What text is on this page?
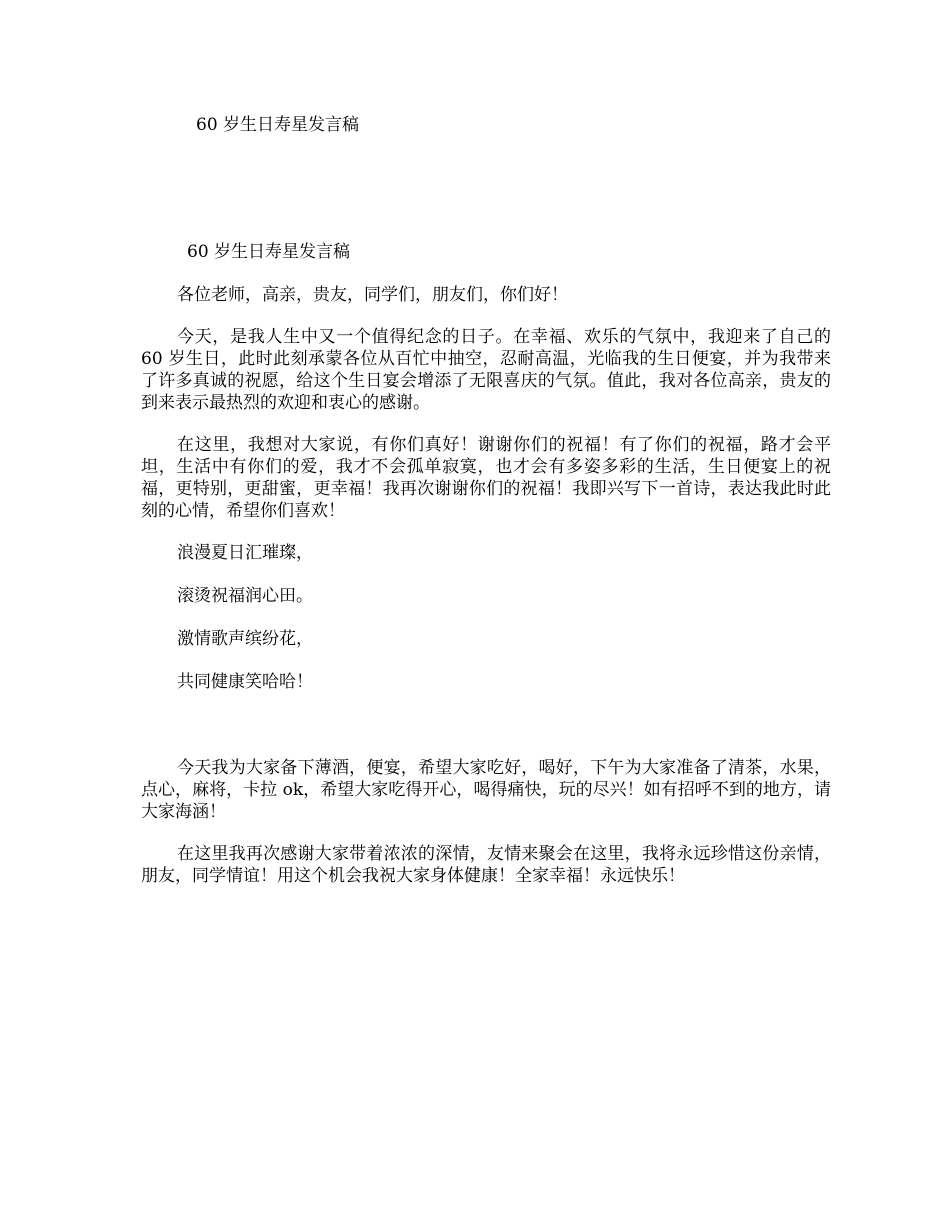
60 岁生日寿星发言稿
60 岁生日寿星发言稿

各位老师，高亲，贵友，同学们，朋友们，你们好！

今天，是我人生中又一个值得纪念的日子。在幸福、欢乐的气氛中，我迎来了自己的 60 岁生日，此时此刻承蒙各位从百忙中抽空，忍耐高温，光临我的生日便宴，并为我带来了许多真诚的祝愿，给这个生日宴会增添了无限喜庆的气氛。值此，我对各位高亲，贵友的到来表示最热烈的欢迎和衷心的感谢。

在这里，我想对大家说，有你们真好！谢谢你们的祝福！有了你们的祝福，路才会平坦，生活中有你们的爱，我才不会孤单寂寞，也才会有多姿多彩的生活，生日便宴上的祝福，更特别，更甜蜜，更幸福！我再次谢谢你们的祝福！我即兴写下一首诗，表达我此时此刻的心情，希望你们喜欢！

浪漫夏日汇璀璨，

滚烫祝福润心田。

激情歌声缤纷花，

共同健康笑哈哈！

今天我为大家备下薄酒，便宴，希望大家吃好，喝好，下午为大家准备了清茶，水果，点心，麻将，卡拉 ok，希望大家吃得开心，喝得痛快，玩的尽兴！如有招呼不到的地方，请大家海涵！

在这里我再次感谢大家带着浓浓的深情，友情来聚会在这里，我将永远珍惜这份亲情，朋友，同学情谊！用这个机会我祝大家身体健康！全家幸福！永远快乐！
